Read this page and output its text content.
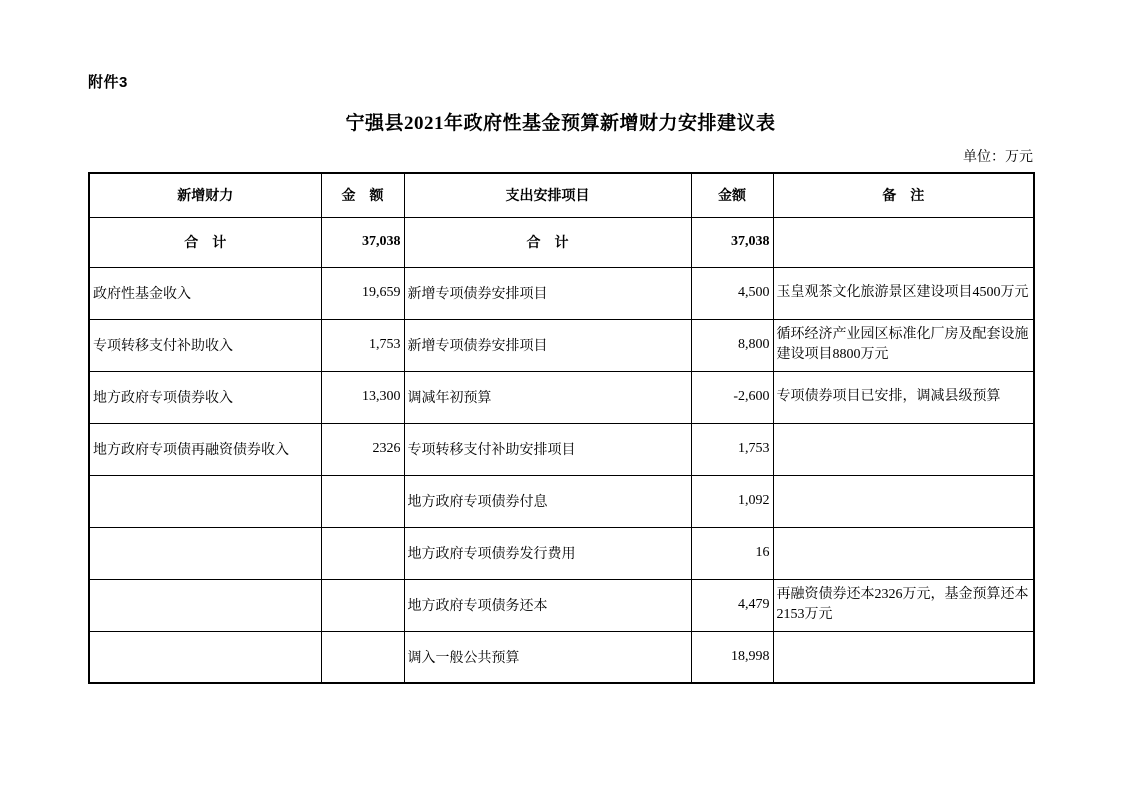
附件3
宁强县2021年政府性基金预算新增财力安排建议表
单位：万元
新增财力	金　额	支出安排项目	金额	备　注
合　计	37,038	合　计	37,038	
政府性基金收入	19,659	新增专项债券安排项目	4,500	玉皇观茶文化旅游景区建设项目4500万元
专项转移支付补助收入	1,753	新增专项债券安排项目	8,800	循环经济产业园区标准化厂房及配套设施建设项目8800万元
地方政府专项债券收入	13,300	调减年初预算	-2,600	专项债券项目已安排，调减县级预算
地方政府专项债再融资债券收入	2326	专项转移支付补助安排项目	1,753	
		地方政府专项债券付息	1,092	
		地方政府专项债券发行费用	16	
		地方政府专项债务还本	4,479	再融资债券还本2326万元，基金预算还本2153万元
		调入一般公共预算	18,998	
